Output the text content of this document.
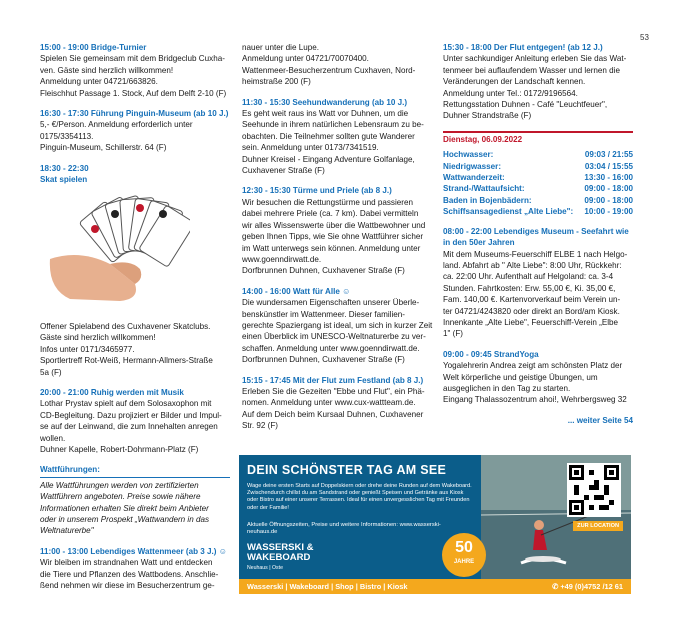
53
15:00 - 19:00 Bridge-Turnier

Spielen Sie gemeinsam mit dem Bridgeclub Cuxha-

ven. Gäste sind herzlich willkommen!

Anmeldung unter 04721/663826.

Fleischhut Passage 1. Stock, Auf dem Delft 2-10 (F)

16:30 - 17:30 Führung Pinguin-Museum (ab 10 J.)

5,- €/Person. Anmeldung erforderlich unter

0175/3354113.

Pinguin-Museum, Schillerstr. 64 (F)

18:30 - 22:30
Skat spielen

Offener Spielabend des Cuxhavener Skatclubs.

Gäste sind herzlich willkommen!

Infos unter 0171/3465977.

Sportlertreff Rot-Weiß, Hermann-Allmers-Straße

5a (F)

20:00 - 21:00 Ruhig werden mit Musik

Lothar Prystav spielt auf dem Solosaxophon mit

CD-Begleitung. Dazu projiziert er Bilder und Impul-

se auf der Leinwand, die zum Innehalten anregen

wollen.

Duhner Kapelle, Robert-Dohrmann-Platz (F)

Wattführungen:

Alle Wattführungen werden von zertifizierten

Wattführern angeboten. Preise sowie nähere

Informationen erhalten Sie direkt beim Anbieter

oder in unserem Prospekt „Wattwandern in das

Weltnaturerbe"

11:00 - 13:00 Lebendiges Wattenmeer (ab 3 J.) ☺

Wir bleiben im strandnahen Watt und entdecken

die Tiere und Pflanzen des Wattbodens. Anschlie-

ßend nehmen wir diese im Besucherzentrum ge-

nauer unter die Lupe.

Anmeldung unter 04721/70070400.

Wattenmeer-Besucherzentrum Cuxhaven, Nord-

heimstraße 200 (F)

11:30 - 15:30 Seehundwanderung (ab 10 J.)

Es geht weit raus ins Watt vor Duhnen, um die

Seehunde in ihrem natürlichen Lebensraum zu be-

obachten. Die Teilnehmer sollten gute Wanderer

sein. Anmeldung unter 0173/7341519.

Duhner Kreisel - Eingang Adventure Golfanlage,

Cuxhavener Straße (F)

12:30 - 15:30 Türme und Priele (ab 8 J.)

Wir besuchen die Rettungstürme und passieren

dabei mehrere Priele (ca. 7 km). Dabei vermitteln

wir alles Wissenswerte über die Wattbewohner und

geben Ihnen Tipps, wie Sie ohne Wattführer sicher

im Watt unterwegs sein können. Anmeldung unter

www.goenndirwatt.de.

Dorfbrunnen Duhnen, Cuxhavener Straße (F)

14:00 - 16:00 Watt für Alle ☺

Die wundersamen Eigenschaften unserer Überle-

benskünstler im Wattenmeer. Dieser familien-

gerechte Spaziergang ist ideal, um sich in kurzer Zeit

einen Überblick im UNESCO-Weltnaturerbe zu ver-

schaffen. Anmeldung unter www.goenndirwatt.de.

Dorfbrunnen Duhnen, Cuxhavener Straße (F)

15:15 - 17:45 Mit der Flut zum Festland (ab 8 J.)

Erleben Sie die Gezeiten "Ebbe und Flut", ein Phä-

nomen. Anmeldung unter www.cux-wattteam.de.

Auf dem Deich beim Kursaal Duhnen, Cuxhavener

Str. 92 (F)

15:30 - 18:00 Der Flut entgegen! (ab 12 J.)

Unter sachkundiger Anleitung erleben Sie das Wat-

tenmeer bei auflaufendem Wasser und lernen die

Veränderungen der Landschaft kennen.

Anmeldung unter Tel.: 0172/9196564.

Rettungsstation Duhnen - Café "Leuchtfeuer",

Duhner Strandstraße (F)

Dienstag, 06.09.2022
Hochwasser:	09:03 / 21:55
Niedrigwasser:	03:04 / 15:55
Wattwanderzeit:	13:30 - 16:00
Strand-/Wattaufsicht:	09:00 - 18:00
Baden in Bojenbädern:	09:00 - 18:00
Schiffsansagedienst „Alte Liebe":	10:00 - 19:00
08:00 - 22:00 Lebendiges Museum - Seefahrt wie
in den 50er Jahren

Mit dem Museums-Feuerschiff ELBE 1 nach Helgo-

land. Abfahrt ab " Alte Liebe": 8:00 Uhr, Rückkehr:

ca. 22:00 Uhr. Aufenthalt auf Helgoland: ca. 3-4

Stunden. Fahrtkosten: Erw. 55,00 €, Ki. 35,00 €,

Fam. 140,00 €. Kartenvorverkauf beim Verein un-

ter 04721/4243820 oder direkt an Bord/am Kiosk.

Innenkante „Alte Liebe", Feuerschiff-Verein „Elbe

1" (F)

09:00 - 09:45 StrandYoga

Yogalehrerin Andrea zeigt am schönsten Platz der

Welt körperliche und geistige Übungen, um

ausgeglichen in den Tag zu starten.

Eingang Thalassozentrum ahoi!, Wehrbergsweg 32

... weiter Seite 54
DEIN SCHÖNSTER TAG AM SEE
Wage deine ersten Starts auf Doppelskiern oder drehe deine Runden auf dem Wakeboard. Zwischendurch chillst du am Sandstrand oder genießt Speisen und Getränke aus Kiosk oder Bistro auf einer unserer Terrassen. Ideal für einen unvergesslichen Tag mit Freunden oder der Familie!
Aktuelle Öffnungszeiten, Preise und weitere Informationen: www.wasserski-neuhaus.de
WASSERSKI &
WAKEBOARD
Neuhaus | Oste
50
JAHRE
ZUR LOCATION
Wasserski | Wakeboard | Shop | Bistro | Kiosk	✆ +49 (0)4752 /12 61
